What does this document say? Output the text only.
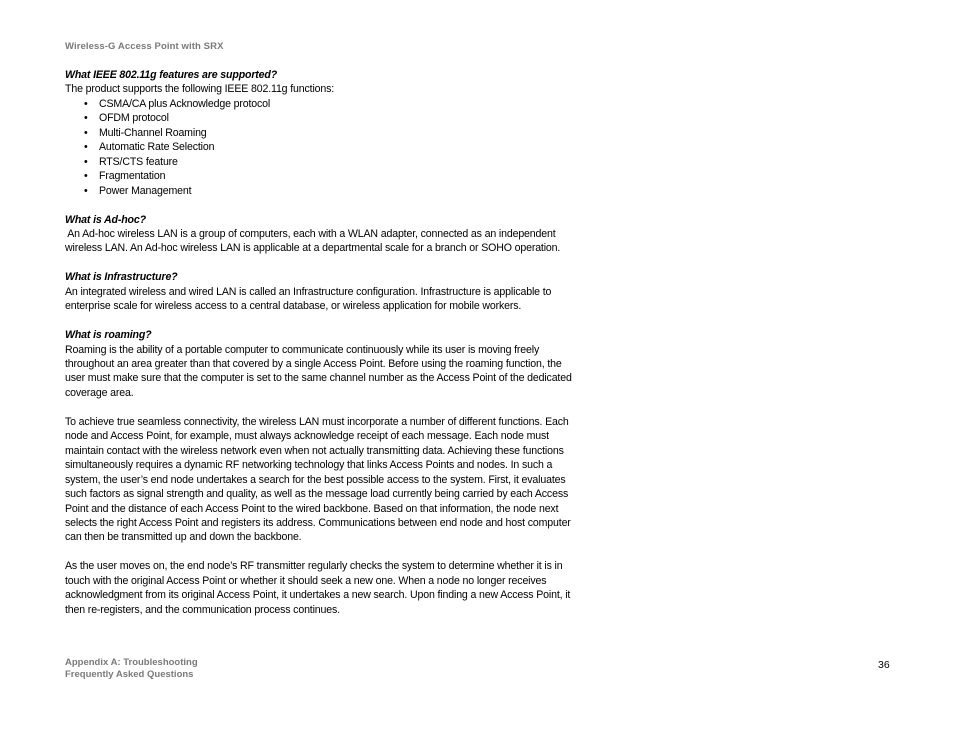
Wireless-G Access Point with SRX

What IEEE 802.11g features are supported?

The product supports the following IEEE 802.11g functions:

• CSMA/CA plus Acknowledge protocol
• OFDM protocol
• Multi-Channel Roaming
• Automatic Rate Selection
• RTS/CTS feature
• Fragmentation
• Power Management

What is Ad-hoc?

An Ad-hoc wireless LAN is a group of computers, each with a WLAN adapter, connected as an independent
wireless LAN. An Ad-hoc wireless LAN is applicable at a departmental scale for a branch or SOHO operation.

What is Infrastructure?

An integrated wireless and wired LAN is called an Infrastructure configuration. Infrastructure is applicable to
enterprise scale for wireless access to a central database, or wireless application for mobile workers.

What is roaming?

Roaming is the ability of a portable computer to communicate continuously while its user is moving freely
throughout an area greater than that covered by a single Access Point. Before using the roaming function, the
user must make sure that the computer is set to the same channel number as the Access Point of the dedicated
coverage area.
To achieve true seamless connectivity, the wireless LAN must incorporate a number of different functions. Each
node and Access Point, for example, must always acknowledge receipt of each message. Each node must
maintain contact with the wireless network even when not actually transmitting data. Achieving these functions
simultaneously requires a dynamic RF networking technology that links Access Points and nodes. In such a
system, the user’s end node undertakes a search for the best possible access to the system. First, it evaluates
such factors as signal strength and quality, as well as the message load currently being carried by each Access
Point and the distance of each Access Point to the wired backbone. Based on that information, the node next
selects the right Access Point and registers its address. Communications between end node and host computer
can then be transmitted up and down the backbone.
As the user moves on, the end node’s RF transmitter regularly checks the system to determine whether it is in
touch with the original Access Point or whether it should seek a new one. When a node no longer receives
acknowledgment from its original Access Point, it undertakes a new search. Upon finding a new Access Point, it
then re-registers, and the communication process continues.
Appendix A: Troubleshooting
Frequently Asked Questions
36
